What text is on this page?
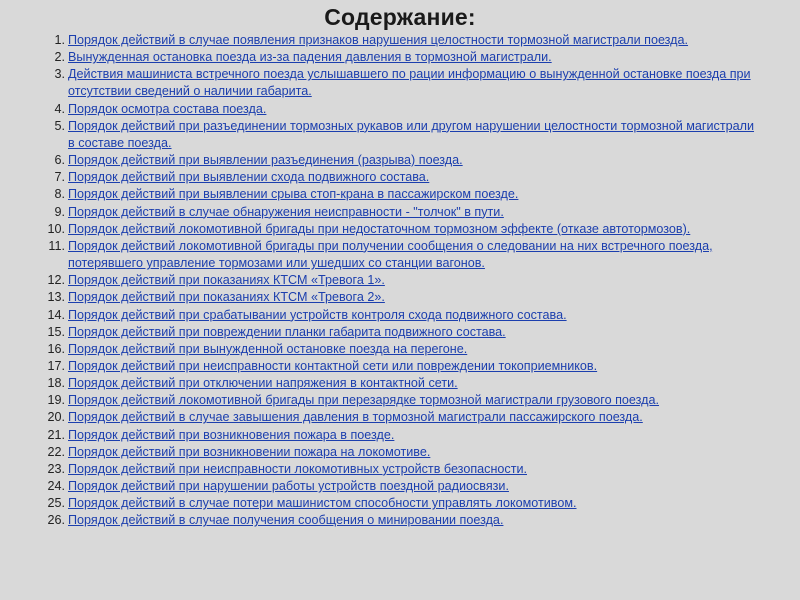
Содержание:
1. Порядок действий в случае появления признаков нарушения целостности тормозной магистрали поезда.
2. Вынужденная остановка поезда из-за падения давления в тормозной магистрали.
3. Действия машиниста встречного поезда услышавшего по рации информацию о вынужденной остановке поезда при отсутствии сведений о наличии габарита.
4. Порядок осмотра состава поезда.
5. Порядок действий при разъединении тормозных рукавов или другом нарушении целостности тормозной магистрали в составе поезда.
6. Порядок действий при выявлении разъединения (разрыва) поезда.
7. Порядок действий при выявлении схода подвижного состава.
8. Порядок действий при выявлении срыва стоп-крана в пассажирском поезде.
9. Порядок действий в случае обнаружения неисправности - "толчок" в пути.
10. Порядок действий локомотивной бригады при недостаточном тормозном эффекте (отказе автотормозов).
11. Порядок действий локомотивной бригады при получении сообщения о следовании на них встречного поезда, потерявшего управление тормозами или ушедших со станции вагонов.
12. Порядок действий при показаниях КТСМ «Тревога 1».
13. Порядок действий при показаниях КТСМ «Тревога 2».
14. Порядок действий при срабатывании устройств контроля схода подвижного состава.
15. Порядок действий при повреждении планки габарита подвижного состава.
16. Порядок действий при вынужденной остановке поезда на перегоне.
17. Порядок действий при неисправности контактной сети или повреждении токоприемников.
18. Порядок действий при отключении напряжения в контактной сети.
19. Порядок действий локомотивной бригады при перезарядке тормозной магистрали грузового поезда.
20. Порядок действий в случае завышения давления в тормозной магистрали пассажирского поезда.
21. Порядок действий при возникновения пожара в поезде.
22. Порядок действий при возникновении пожара на локомотиве.
23. Порядок действий при неисправности локомотивных устройств безопасности.
24. Порядок действий при нарушении работы устройств поездной радиосвязи.
25. Порядок действий в случае потери машинистом способности управлять локомотивом.
26. Порядок действий в случае получения сообщения о минировании поезда.
